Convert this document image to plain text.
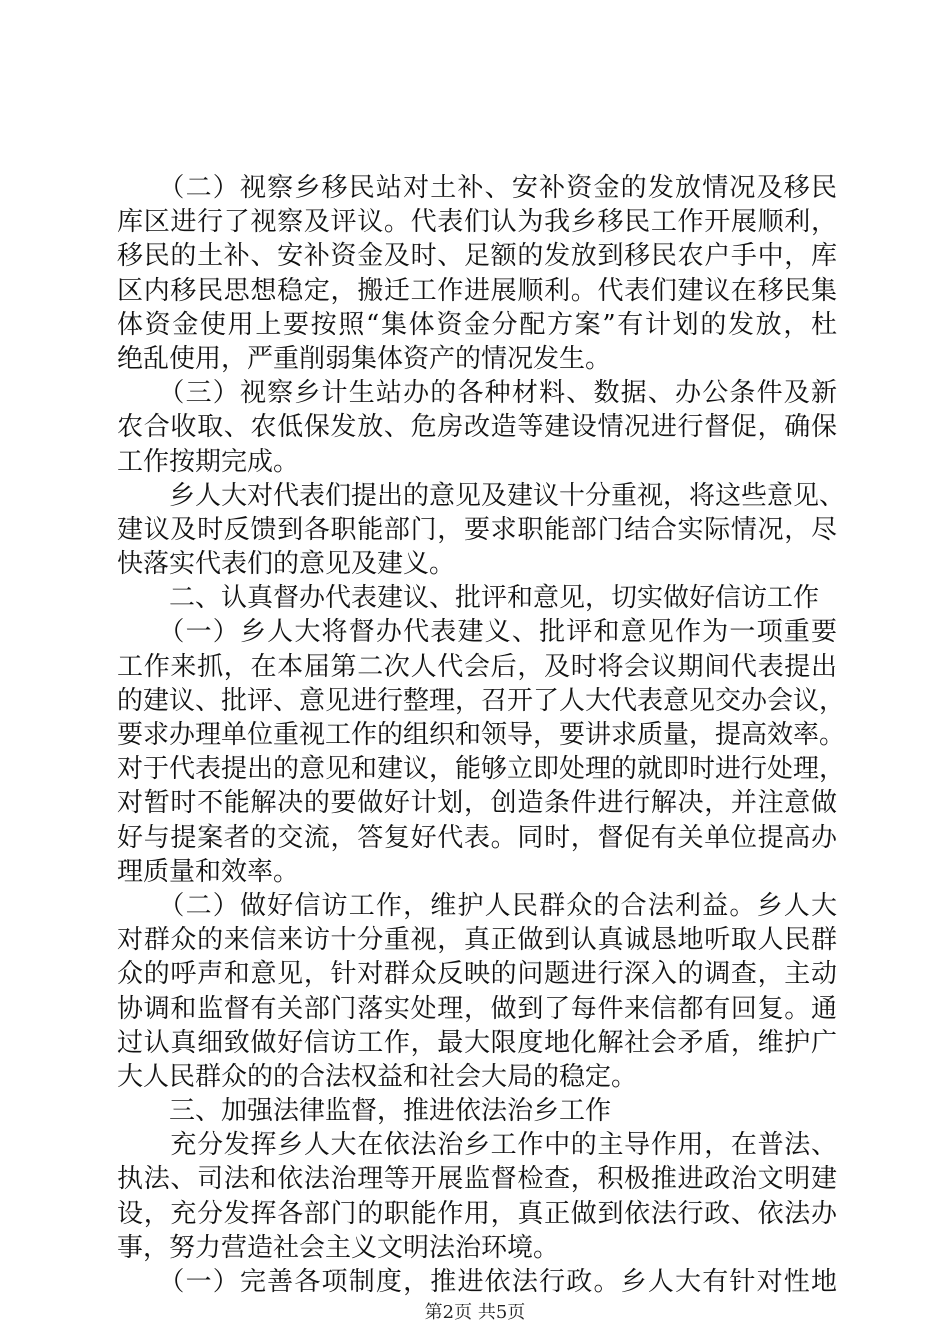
　　（二）视察乡移民站对土补、安补资金的发放情况及移民
库区进行了视察及评议。代表们认为我乡移民工作开展顺利，
移民的土补、安补资金及时、足额的发放到移民农户手中，库
区内移民思想稳定，搬迁工作进展顺利。代表们建议在移民集
体资金使用上要按照“集体资金分配方案”有计划的发放，杜
绝乱使用，严重削弱集体资产的情况发生。
　　（三）视察乡计生站办的各种材料、数据、办公条件及新
农合收取、农低保发放、危房改造等建设情况进行督促，确保
工作按期完成。
　　乡人大对代表们提出的意见及建议十分重视，将这些意见、
建议及时反馈到各职能部门，要求职能部门结合实际情况，尽
快落实代表们的意见及建义。
　　二、认真督办代表建议、批评和意见，切实做好信访工作
　　（一）乡人大将督办代表建义、批评和意见作为一项重要
工作来抓，在本届第二次人代会后，及时将会议期间代表提出
的建议、批评、意见进行整理，召开了人大代表意见交办会议，
要求办理单位重视工作的组织和领导，要讲求质量，提高效率。
对于代表提出的意见和建议，能够立即处理的就即时进行处理，
对暂时不能解决的要做好计划，创造条件进行解决，并注意做
好与提案者的交流，答复好代表。同时，督促有关单位提高办
理质量和效率。
　　（二）做好信访工作，维护人民群众的合法利益。乡人大
对群众的来信来访十分重视，真正做到认真诚恳地听取人民群
众的呼声和意见，针对群众反映的问题进行深入的调查，主动
协调和监督有关部门落实处理，做到了每件来信都有回复。通
过认真细致做好信访工作，最大限度地化解社会矛盾，维护广
大人民群众的的合法权益和社会大局的稳定。
　　三、加强法律监督，推进依法治乡工作
　　充分发挥乡人大在依法治乡工作中的主导作用，在普法、
执法、司法和依法治理等开展监督检查，积极推进政治文明建
设，充分发挥各部门的职能作用，真正做到依法行政、依法办
事，努力营造社会主义文明法治环境。
　　（一）完善各项制度，推进依法行政。乡人大有针对性地
第2页 共5页
